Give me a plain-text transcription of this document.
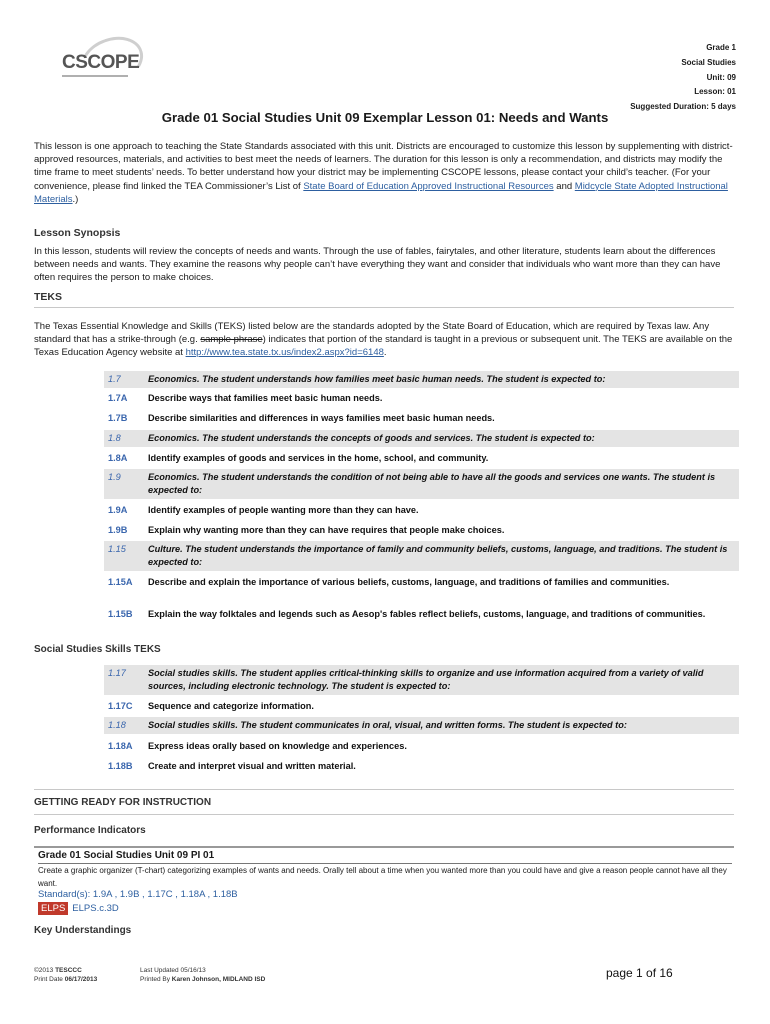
CSCOPE
Grade 1
Social Studies
Unit: 09
Lesson: 01
Suggested Duration: 5 days
Grade 01 Social Studies Unit 09 Exemplar Lesson 01: Needs and Wants
This lesson is one approach to teaching the State Standards associated with this unit. Districts are encouraged to customize this lesson by supplementing with district-approved resources, materials, and activities to best meet the needs of learners. The duration for this lesson is only a recommendation, and districts may modify the time frame to meet students’ needs. To better understand how your district may be implementing CSCOPE lessons, please contact your child’s teacher. (For your convenience, please find linked the TEA Commissioner’s List of State Board of Education Approved Instructional Resources and Midcycle State Adopted Instructional Materials.)
Lesson Synopsis
In this lesson, students will review the concepts of needs and wants. Through the use of fables, fairytales, and other literature, students learn about the differences between needs and wants. They examine the reasons why people can’t have everything they want and consider that individuals who want more than they can have often requires the person to make choices.
TEKS
The Texas Essential Knowledge and Skills (TEKS) listed below are the standards adopted by the State Board of Education, which are required by Texas law. Any standard that has a strike-through (e.g. sample phrase) indicates that portion of the standard is taught in a previous or subsequent unit. The TEKS are available on the Texas Education Agency website at http://www.tea.state.tx.us/index2.aspx?id=6148.
1.7	Economics. The student understands how families meet basic human needs. The student is expected to:
1.7A	Describe ways that families meet basic human needs.
1.7B	Describe similarities and differences in ways families meet basic human needs.
1.8	Economics. The student understands the concepts of goods and services. The student is expected to:
1.8A	Identify examples of goods and services in the home, school, and community.
1.9	Economics. The student understands the condition of not being able to have all the goods and services one wants. The student is expected to:
1.9A	Identify examples of people wanting more than they can have.
1.9B	Explain why wanting more than they can have requires that people make choices.
1.15	Culture. The student understands the importance of family and community beliefs, customs, language, and traditions. The student is expected to:
1.15A	Describe and explain the importance of various beliefs, customs, language, and traditions of families and communities.
1.15B	Explain the way folktales and legends such as Aesop's fables reflect beliefs, customs, language, and traditions of communities.
Social Studies Skills TEKS
1.17	Social studies skills. The student applies critical-thinking skills to organize and use information acquired from a variety of valid sources, including electronic technology. The student is expected to:
1.17C	Sequence and categorize information.
1.18	Social studies skills. The student communicates in oral, visual, and written forms. The student is expected to:
1.18A	Express ideas orally based on knowledge and experiences.
1.18B	Create and interpret visual and written material.
GETTING READY FOR INSTRUCTION
Performance Indicators
Grade 01 Social Studies Unit 09 PI 01
Create a graphic organizer (T-chart) categorizing examples of wants and needs. Orally tell about a time when you wanted more than you could have and give a reason people cannot have all they want.
Standard(s): 1.9A , 1.9B , 1.17C , 1.18A , 1.18B
ELPS ELPS.c.3D
Key Understandings
©2013 TESCCC
Print Date 06/17/2013
Last Updated 05/16/13
Printed By Karen Johnson, MIDLAND ISD	page 1 of 16
